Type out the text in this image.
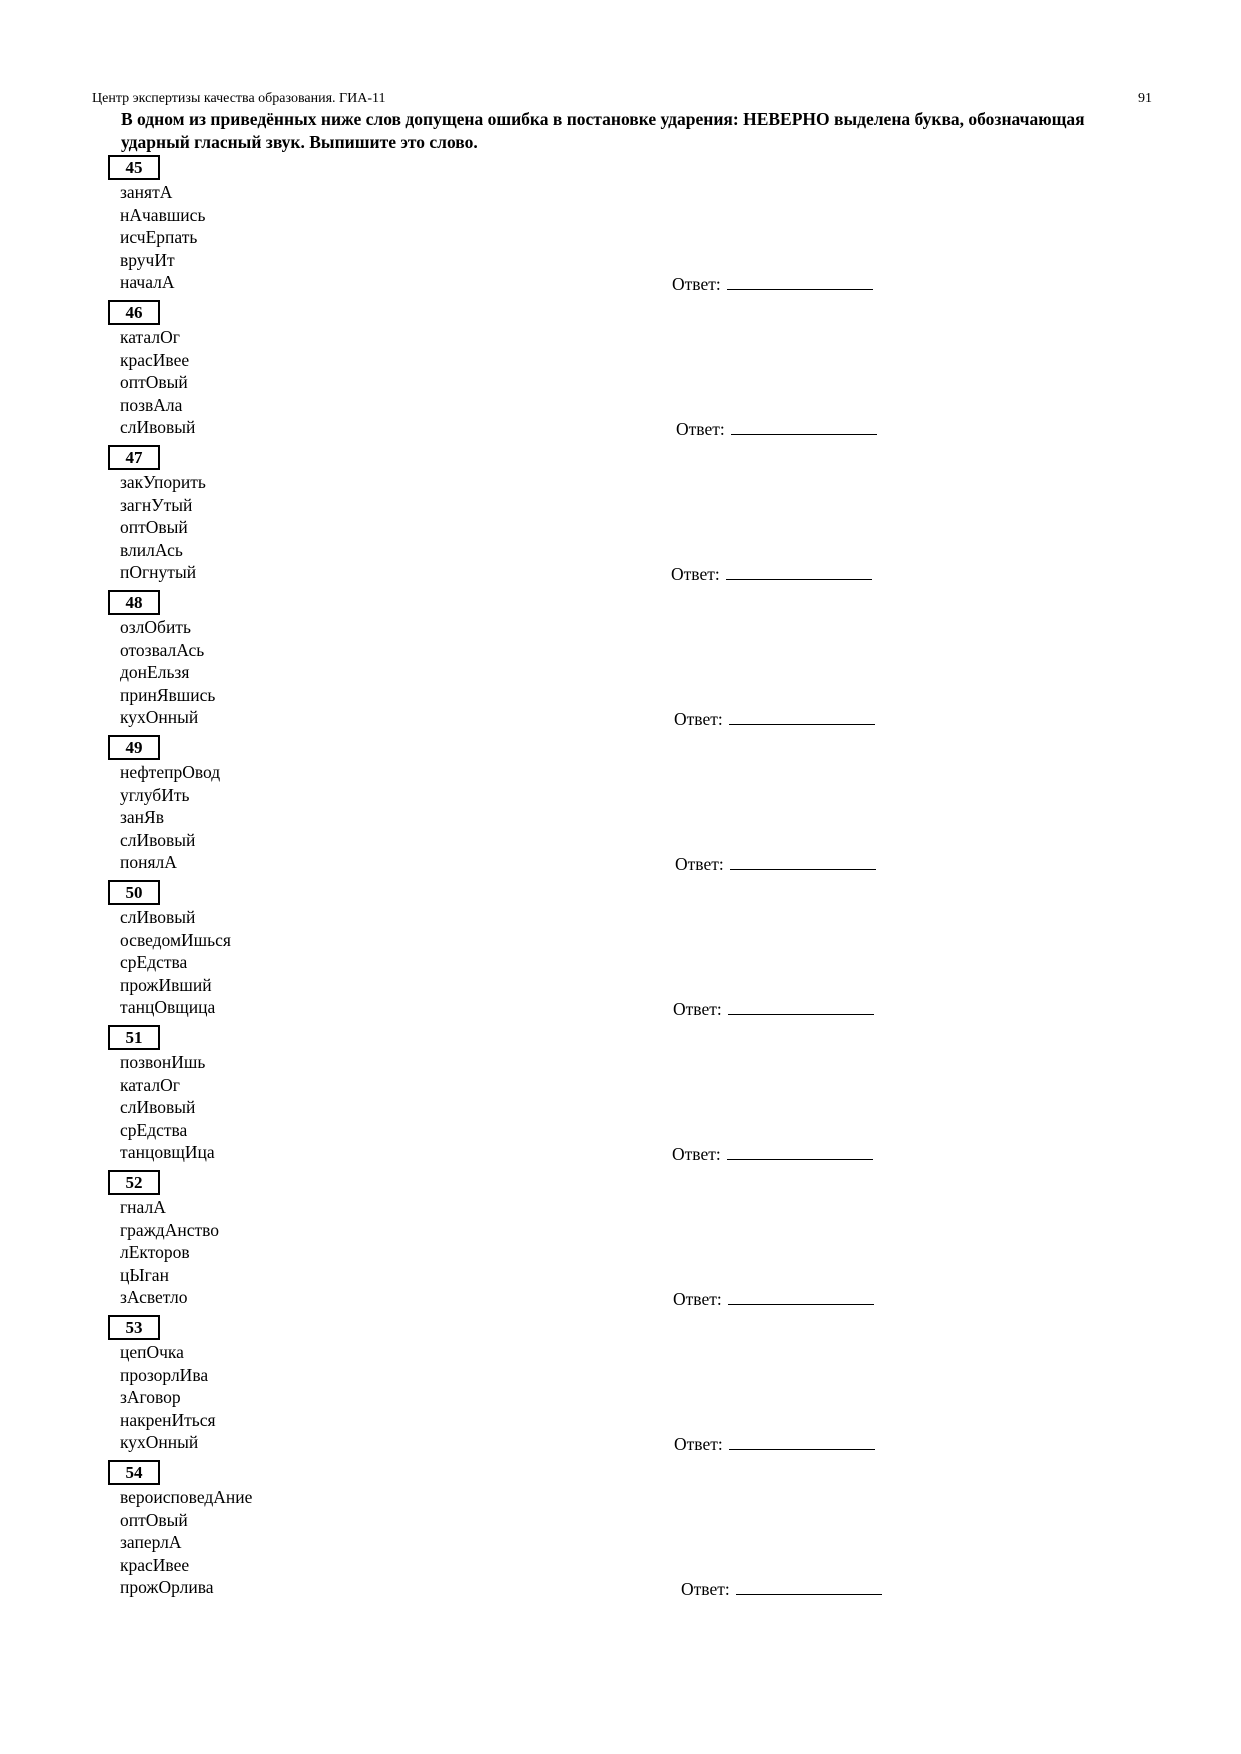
Центр экспертизы качества образования. ГИА-11	91
В одном из приведённых ниже слов допущена ошибка в постановке ударения: НЕВЕРНО выделена буква, обозначающая ударный гласный звук. Выпишите это слово.
45
занятА
нАчавшись
исчЕрпать
вручИт
началА	Ответ:
46
каталОг
красИвее
оптОвый
позвАла
слИвовый	Ответ:
47
закУпорить
загнУтый
оптОвый
влилАсь
пОгнутый	Ответ:
48
озлОбить
отозвалАсь
донЕльзя
принЯвшись
кухОнный	Ответ:
49
нефтепрОвод
углубИть
занЯв
слИвовый
понялА	Ответ:
50
слИвовый
осведомИшься
срЕдства
прожИвший
танцОвщица	Ответ:
51
позвонИшь
каталОг
слИвовый
срЕдства
танцовщИца	Ответ:
52
гналА
граждАнство
лЕкторов
цЫган
зАсветло	Ответ:
53
цепОчка
прозорлИва
зАговор
накренИться
кухОнный	Ответ:
54
вероисповедАние
оптОвый
заперлА
красИвее
прожОрлива	Ответ:
